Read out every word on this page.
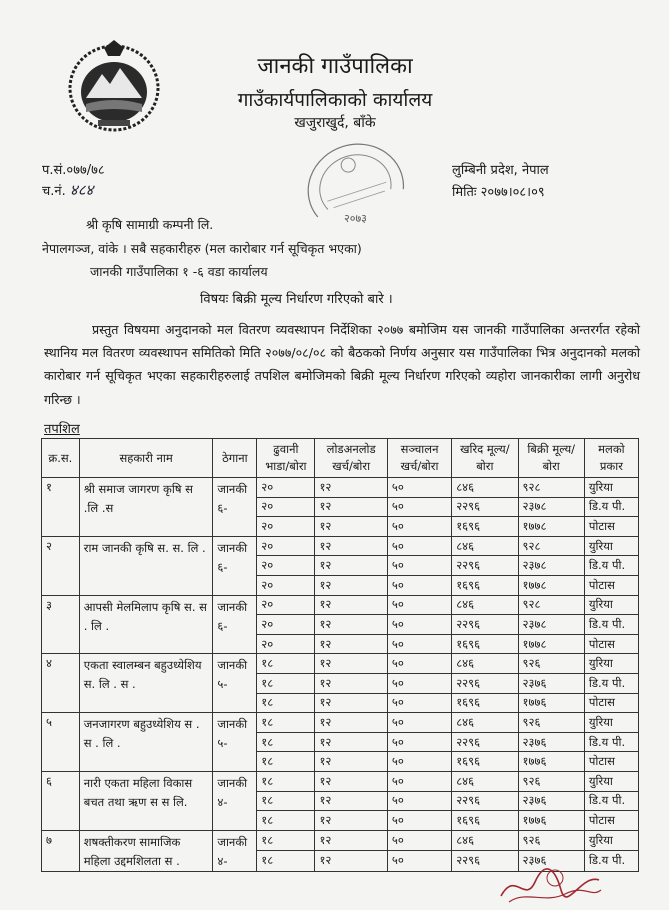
जानकी गाउँपालिका
गाउँकार्यपालिकाको कार्यालय
खजुराखुर्द, बाँके
प.सं.०७७/७८
च.नं. ४८४
२०७३
लुम्बिनी प्रदेश, नेपाल
मितिः २०७७।०८।०९
श्री कृषि सामाग्री कम्पनी लि.
नेपालगञ्ज, वांके । सबै सहकारीहरु (मल कारोबार गर्न सूचिकृत भएका)
जानकी गाउँपालिका १ -६ वडा कार्यालय
विषयः बिक्री मूल्य निर्धारण गरिएको बारे ।
प्रस्तुत विषयमा अनुदानको मल वितरण व्यवस्थापन निर्देशिका २०७७ बमोजिम यस जानकी गाउँपालिका अन्तरर्गत रहेको स्थानिय मल वितरण व्यवस्थापन समितिको मिति २०७७/०८/०८ को बैठकको निर्णय अनुसार यस गाउँपालिका भित्र अनुदानको मलको कारोबार गर्न सूचिकृत भएका सहकारीहरुलाई तपशिल बमोजिमको बिक्री मूल्य निर्धारण गरिएको व्यहोरा जानकारीका लागी अनुरोध गरिन्छ ।
तपशिल
क्र.स.	सहकारी नाम	ठेगाना	ढुवानी भाडा/बोरा	लोडअनलोड खर्च/बोरा	सञ्चालन खर्च/बोरा	खरिद मूल्य/बोरा	बिक्री मूल्य/बोरा	मलको प्रकार
१	श्री समाज जागरण कृषि स .लि .स	जानकी ६-	२०	१२	५०	८४६	९२८	युरिया
			२०	१२	५०	२२९६	२३७८	डि.य पी.
			२०	१२	५०	१६९६	१७७८	पोटास
२	राम जानकी कृषि स. स. लि .	जानकी ६-	२०	१२	५०	८४६	९२८	युरिया
			२०	१२	५०	२२९६	२३७८	डि.य पी.
			२०	१२	५०	१६९६	१७७८	पोटास
३	आपसी मेलमिलाप कृषि स. स . लि .	जानकी ६-	२०	१२	५०	८४६	९२८	युरिया
			२०	१२	५०	२२९६	२३७८	डि.य पी.
			२०	१२	५०	१६९६	१७७८	पोटास
४	एकता स्वालम्बन बहुउध्येशिय स. लि . स .	जानकी ५-	१८	१२	५०	८४६	९२६	युरिया
			१८	१२	५०	२२९६	२३७६	डि.य पी.
			१८	१२	५०	१६९६	१७७६	पोटास
५	जनजागरण बहुउध्येशिय स . स . लि .	जानकी ५-	१८	१२	५०	८४६	९२६	युरिया
			१८	१२	५०	२२९६	२३७६	डि.य पी.
			१८	१२	५०	१६९६	१७७६	पोटास
६	नारी एकता महिला विकास बचत तथा ऋण स स लि.	जानकी ४-	१८	१२	५०	८४६	९२६	युरिया
			१८	१२	५०	२२९६	२३७६	डि.य पी.
			१८	१२	५०	१६९६	१७७६	पोटास
७	शषक्तीकरण सामाजिक महिला उद्दमशिलता स .	जानकी ४-	१८	१२	५०	८४६	९२६	युरिया
			१८	१२	५०	२२९६	२३७६	डि.य पी.
